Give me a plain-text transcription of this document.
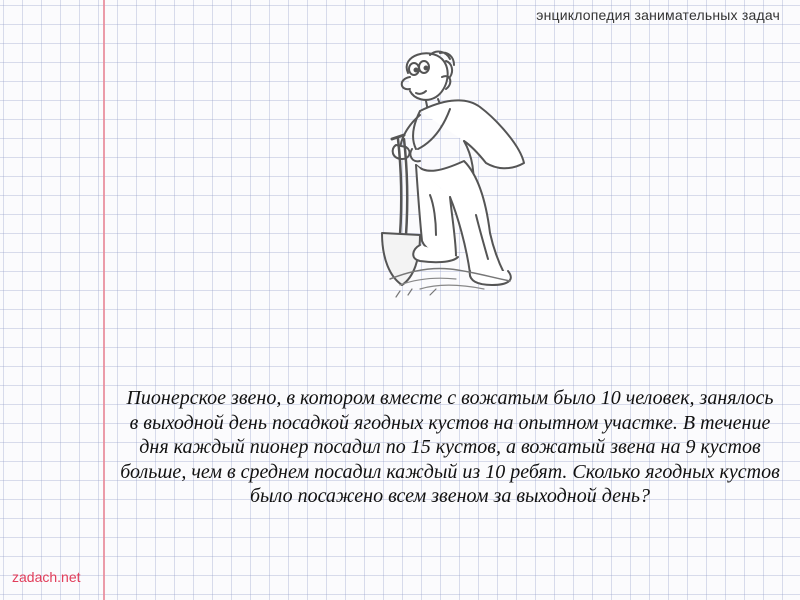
энциклопедия занимательных задач
Пионерское звено, в котором вместе с вожатым было 10 человек, занялось в выходной день посадкой ягодных кустов на опытном участке. В течение дня каждый пионер посадил по 15 кустов, а вожатый звена на 9 кустов больше, чем в среднем посадил каждый из 10 ребят. Сколько ягодных кустов было посажено всем звеном за выходной день?
zadach.net
